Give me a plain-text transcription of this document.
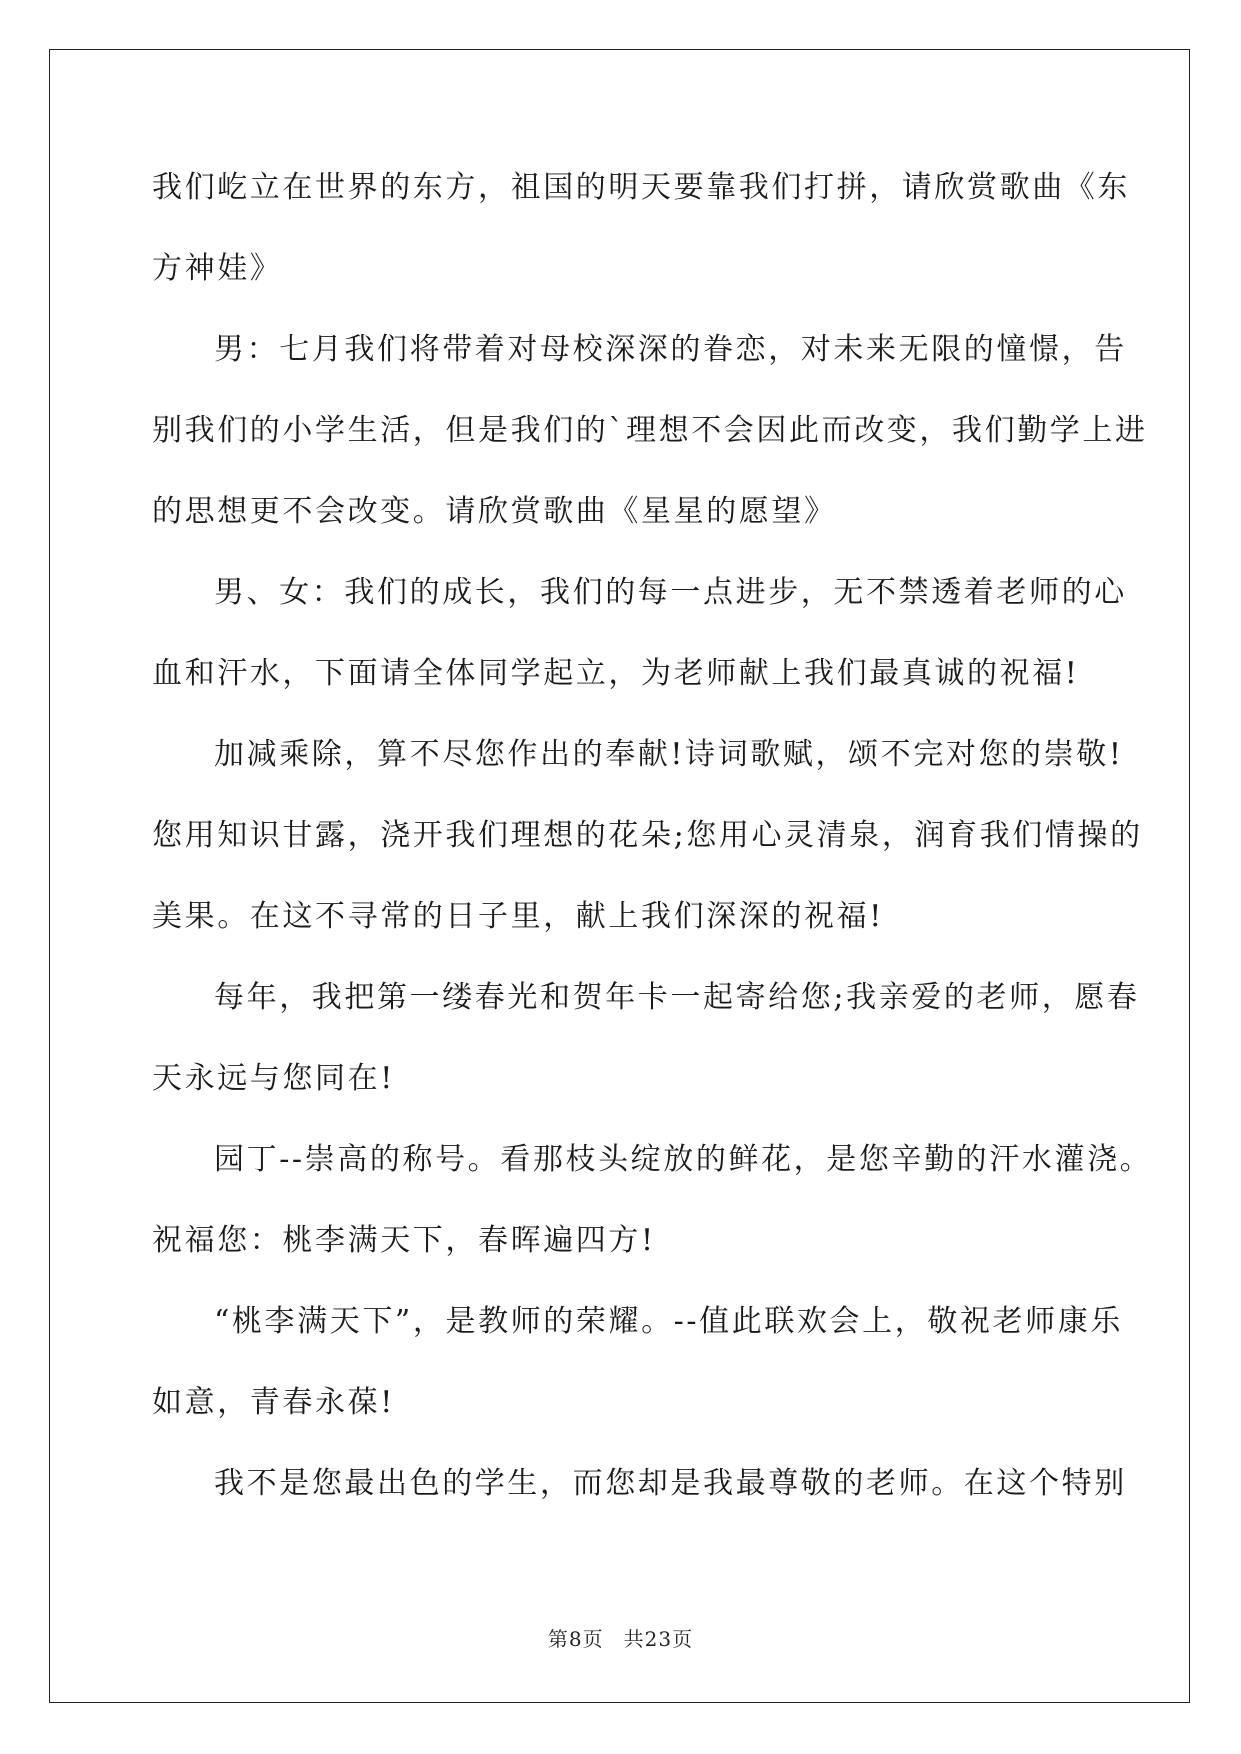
我们屹立在世界的东方，祖国的明天要靠我们打拼，请欣赏歌曲《东
方神娃》
男：七月我们将带着对母校深深的眷恋，对未来无限的憧憬，告
别我们的小学生活，但是我们的`理想不会因此而改变，我们勤学上进
的思想更不会改变。请欣赏歌曲《星星的愿望》
男、女：我们的成长，我们的每一点进步，无不禁透着老师的心
血和汗水，下面请全体同学起立，为老师献上我们最真诚的祝福!
加减乘除，算不尽您作出的奉献!诗词歌赋，颂不完对您的崇敬!
您用知识甘露，浇开我们理想的花朵;您用心灵清泉，润育我们情操的
美果。在这不寻常的日子里，献上我们深深的祝福!
每年，我把第一缕春光和贺年卡一起寄给您;我亲爱的老师，愿春
天永远与您同在!
园丁--崇高的称号。看那枝头绽放的鲜花，是您辛勤的汗水灌浇。
祝福您：桃李满天下，春晖遍四方!
“桃李满天下”，是教师的荣耀。--值此联欢会上，敬祝老师康乐
如意，青春永葆!
我不是您最出色的学生，而您却是我最尊敬的老师。在这个特别
第8页 共23页
